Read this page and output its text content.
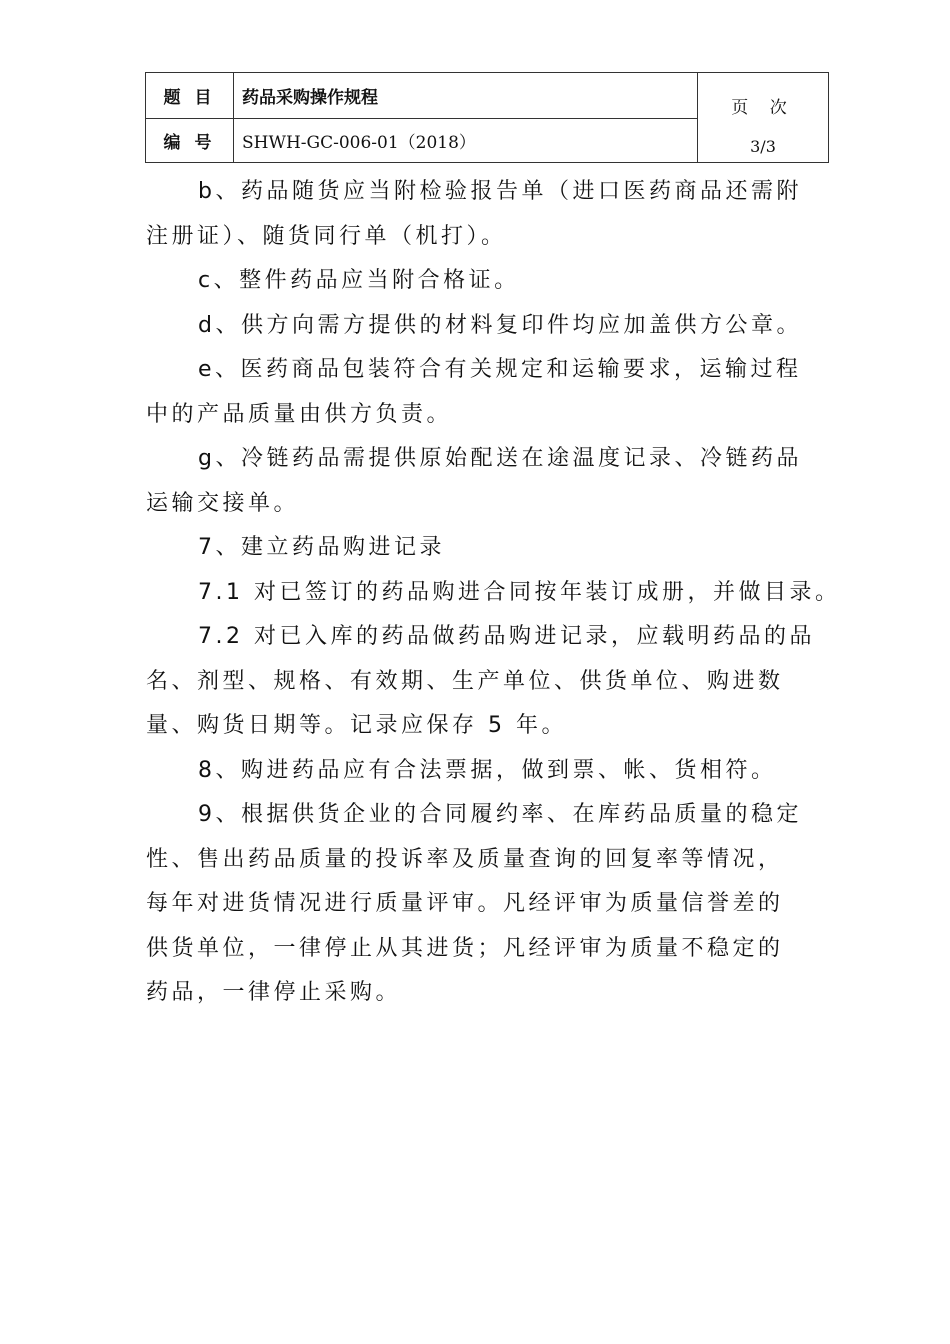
题 目	药品采购操作规程	页 次
3/3

编 号	SHWH-GC-006-01（2018）	

b、药品随货应当附检验报告单（进口医药商品还需附注册证）、随货同行单（机打）。

c、整件药品应当附合格证。

d、供方向需方提供的材料复印件均应加盖供方公章。

e、医药商品包装符合有关规定和运输要求，运输过程中的产品质量由供方负责。

g、冷链药品需提供原始配送在途温度记录、冷链药品运输交接单。

7、建立药品购进记录

7.1 对已签订的药品购进合同按年装订成册，并做目录。

7.2 对已入库的药品做药品购进记录，应载明药品的品名、剂型、规格、有效期、生产单位、供货单位、购进数量、购货日期等。记录应保存 5 年。

8、购进药品应有合法票据，做到票、帐、货相符。

9、根据供货企业的合同履约率、在库药品质量的稳定性、售出药品质量的投诉率及质量查询的回复率等情况，

每年对进货情况进行质量评审。凡经评审为质量信誉差的

供货单位，一律停止从其进货；凡经评审为质量不稳定的

药品，一律停止采购。
